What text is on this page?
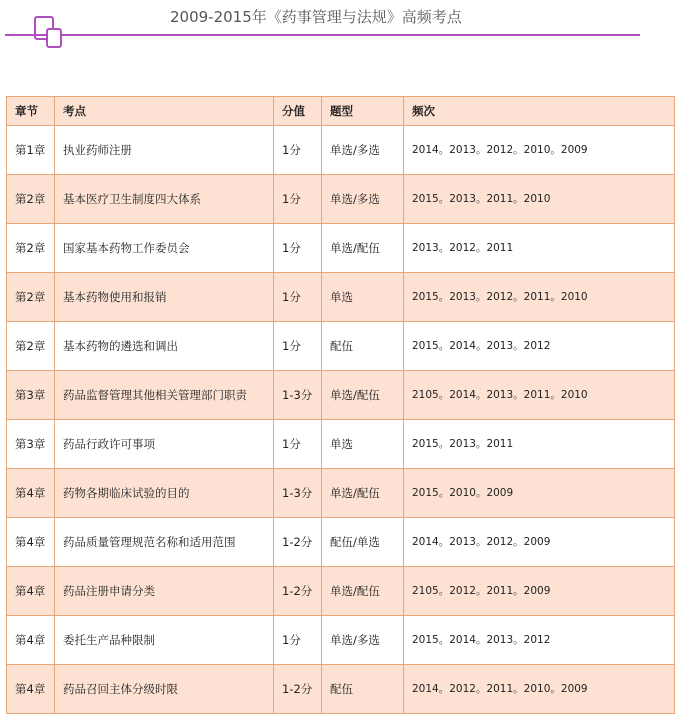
2009-2015年《药事管理与法规》高频考点
章节	考点	分值	题型	频次
第1章	执业药师注册	1分	单选/多选	2014。2013。2012。2010。2009
第2章	基本医疗卫生制度四大体系	1分	单选/多选	2015。2013。2011。2010
第2章	国家基本药物工作委员会	1分	单选/配伍	2013。2012。2011
第2章	基本药物使用和报销	1分	单选	2015。2013。2012。2011。2010
第2章	基本药物的遴选和调出	1分	配伍	2015。2014。2013。2012
第3章	药品监督管理其他相关管理部门职责	1-3分	单选/配伍	2105。2014。2013。2011。2010
第3章	药品行政许可事项	1分	单选	2015。2013。2011
第4章	药物各期临床试验的目的	1-3分	单选/配伍	2015。2010。2009
第4章	药品质量管理规范名称和适用范围	1-2分	配伍/单选	2014。2013。2012。2009
第4章	药品注册申请分类	1-2分	单选/配伍	2105。2012。2011。2009
第4章	委托生产品种限制	1分	单选/多选	2015。2014。2013。2012
第4章	药品召回主体分级时限	1-2分	配伍	2014。2012。2011。2010。2009
